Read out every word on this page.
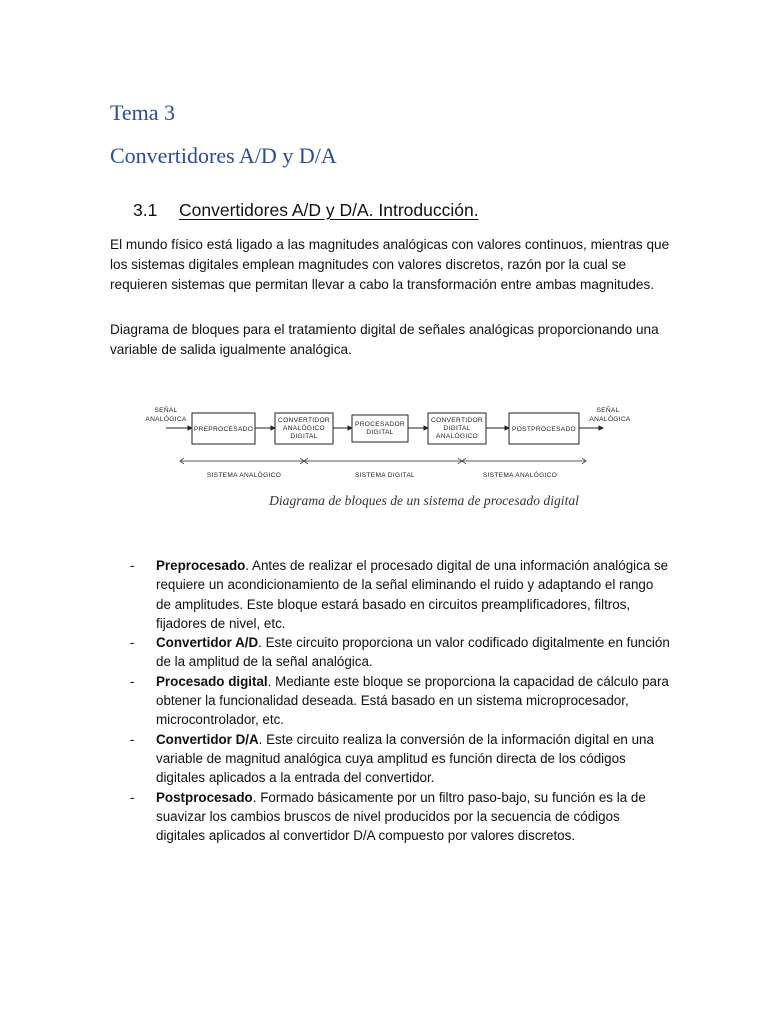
Tema 3
Convertidores A/D y D/A
3.1 Convertidores A/D y D/A. Introducción.

El mundo físico está ligado a las magnitudes analógicas con valores continuos, mientras que los sistemas digitales emplean magnitudes con valores discretos, razón por la cual se requieren sistemas que permitan llevar a cabo la transformación entre ambas magnitudes.

Diagrama de bloques para el tratamiento digital de señales analógicas proporcionando una variable de salida igualmente analógica.

SEÑAL
ANALÓGICA
PREPROCESADO
CONVERTIDOR
ANALÓGICO
DIGITAL
PROCESADOR
DIGITAL
CONVERTIDOR
DIGITAL
ANALÓGICO
POSTPROCESADO
SEÑAL
ANALÓGICA
SISTEMA ANALÓGICO	SISTEMA DIGITAL	SISTEMA ANALÓGICO
Diagrama de bloques de un sistema de procesado digital
- Preprocesado. Antes de realizar el procesado digital de una información analógica se requiere un acondicionamiento de la señal eliminando el ruido y adaptando el rango de amplitudes. Este bloque estará basado en circuitos preamplificadores, filtros, fijadores de nivel, etc.
- Convertidor A/D. Este circuito proporciona un valor codificado digitalmente en función de la amplitud de la señal analógica.
- Procesado digital. Mediante este bloque se proporciona la capacidad de cálculo para obtener la funcionalidad deseada. Está basado en un sistema microprocesador, microcontrolador, etc.
- Convertidor D/A. Este circuito realiza la conversión de la información digital en una variable de magnitud analógica cuya amplitud es función directa de los códigos digitales aplicados a la entrada del convertidor.
- Postprocesado. Formado básicamente por un filtro paso-bajo, su función es la de suavizar los cambios bruscos de nivel producidos por la secuencia de códigos digitales aplicados al convertidor D/A compuesto por valores discretos.
